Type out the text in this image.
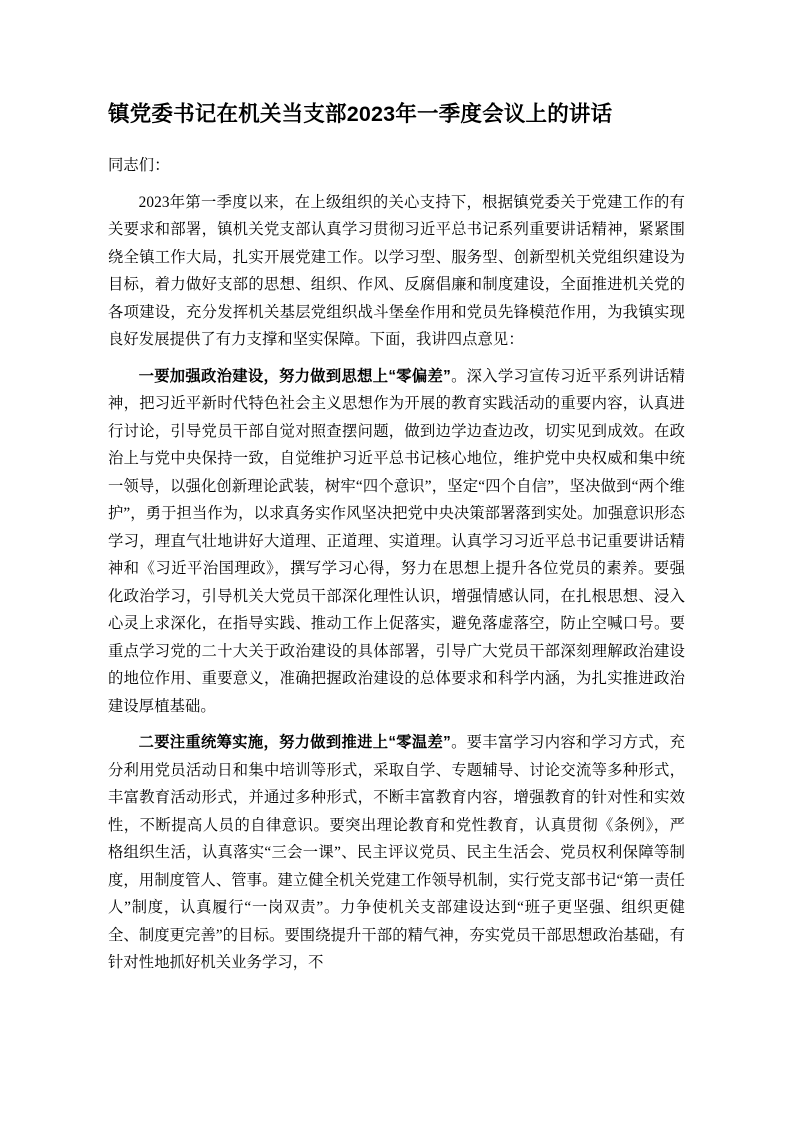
镇党委书记在机关当支部2023年一季度会议上的讲话

同志们：

2023年第一季度以来，在上级组织的关心支持下，根据镇党委关于党建工作的有关要求和部署，镇机关党支部认真学习贯彻习近平总书记系列重要讲话精神，紧紧围绕全镇工作大局，扎实开展党建工作。以学习型、服务型、创新型机关党组织建设为目标，着力做好支部的思想、组织、作风、反腐倡廉和制度建设，全面推进机关党的各项建设，充分发挥机关基层党组织战斗堡垒作用和党员先锋模范作用，为我镇实现良好发展提供了有力支撑和坚实保障。下面，我讲四点意见：

一要加强政治建设，努力做到思想上“零偏差”。深入学习宣传习近平系列讲话精神，把习近平新时代特色社会主义思想作为开展的教育实践活动的重要内容，认真进行讨论，引导党员干部自觉对照查摆问题，做到边学边查边改，切实见到成效。在政治上与党中央保持一致，自觉维护习近平总书记核心地位，维护党中央权威和集中统一领导，以强化创新理论武装，树牢“四个意识”，坚定“四个自信”，坚决做到“两个维护”，勇于担当作为，以求真务实作风坚决把党中央决策部署落到实处。加强意识形态学习，理直气壮地讲好大道理、正道理、实道理。认真学习习近平总书记重要讲话精神和《习近平治国理政》，撰写学习心得，努力在思想上提升各位党员的素养。要强化政治学习，引导机关大党员干部深化理性认识，增强情感认同，在扎根思想、浸入心灵上求深化，在指导实践、推动工作上促落实，避免落虚落空，防止空喊口号。要重点学习党的二十大关于政治建设的具体部署，引导广大党员干部深刻理解政治建设的地位作用、重要意义，准确把握政治建设的总体要求和科学内涵，为扎实推进政治建设厚植基础。

二要注重统筹实施，努力做到推进上“零温差”。要丰富学习内容和学习方式，充分利用党员活动日和集中培训等形式，采取自学、专题辅导、讨论交流等多种形式，丰富教育活动形式，并通过多种形式，不断丰富教育内容，增强教育的针对性和实效性，不断提高人员的自律意识。要突出理论教育和党性教育，认真贯彻《条例》，严格组织生活，认真落实“三会一课”、民主评议党员、民主生活会、党员权利保障等制度，用制度管人、管事。建立健全机关党建工作领导机制，实行党支部书记“第一责任人”制度，认真履行“一岗双责”。力争使机关支部建设达到“班子更坚强、组织更健全、制度更完善”的目标。要围绕提升干部的精气神，夯实党员干部思想政治基础，有针对性地抓好机关业务学习，不
